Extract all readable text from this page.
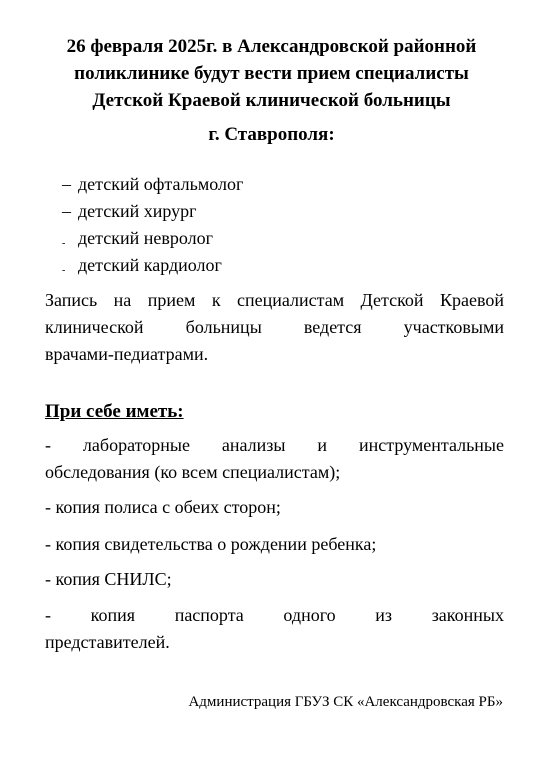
26 февраля 2025г. в Александровской районной
поликлинике будут вести прием специалисты
Детской Краевой клинической больницы
г. Ставрополя:
– детский офтальмолог
– детский хирург
- детский невролог
- детский кардиолог
Запись на прием к специалистам Детской Краевой
клинической больницы ведется участковыми
врачами-педиатрами.
При себе иметь:
- лабораторные анализы и инструментальные
обследования (ко всем специалистам);
- копия полиса с обеих сторон;
- копия свидетельства о рождении ребенка;
- копия СНИЛС;
- копия паспорта одного из законных
представителей.
Администрация ГБУЗ СК «Александровская РБ»
